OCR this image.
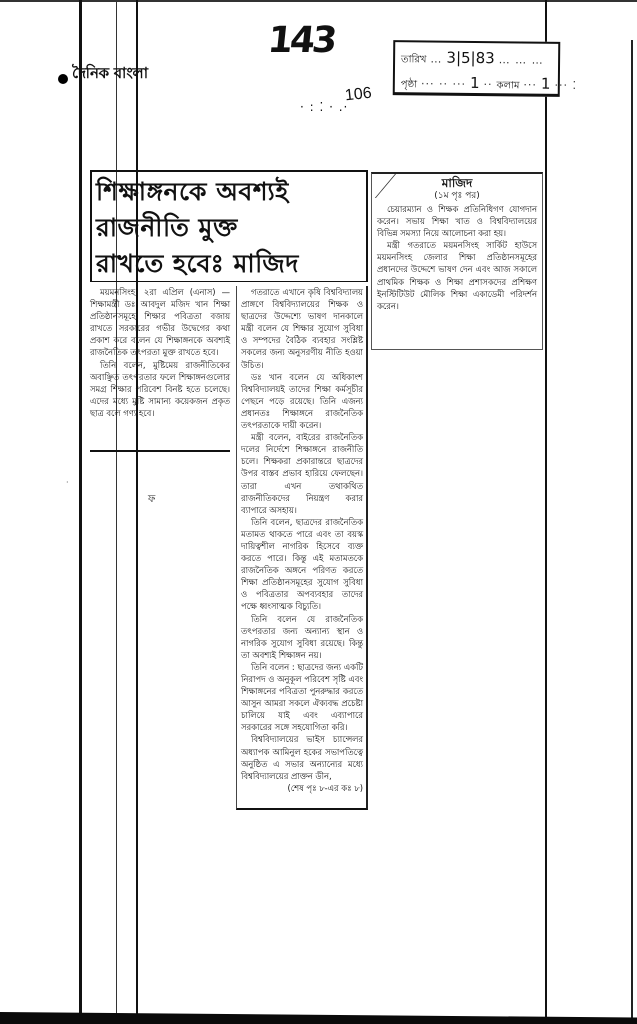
দৈনিক বাংলা
143
· : ⁚ · .·
106
তারিখ … 3|5|83 … … …
পৃষ্ঠা ··· ·· ··· 1 ·· কলাম ··· 1 ··· ⁚
শিক্ষাঙ্গনকে অবশ্যই
রাজনীতি মুক্ত
রাখতে হবেঃ মাজিদ

ময়মনসিংহ, ২রা এপ্রিল (এনাস) —শিক্ষামন্ত্রী ডঃ আবদুল মজিদ খান শিক্ষা প্রতিষ্ঠানসমূহে শিক্ষার পবিত্রতা বজায় রাখতে সরকারের গভীর উদ্বেগের কথা প্রকাশ করে বলেন যে শিক্ষাঙ্গনকে অবশ্যই রাজনৈতিক তৎপরতা মুক্ত রাখতে হবে।

তিনি বলেন, মুষ্টিমেয় রাজনীতিকের অবাঞ্ছিত তৎপরতার ফলে শিক্ষাঙ্গনগুলোর সমগ্র শিক্ষার পরিবেশ বিনষ্ট হতে চলেছে। এদের মধ্যে মুষ্টি সামান্য কয়েকজন প্রকৃত ছাত্র বলে গণ্য হবে।

গতরাতে এখানে কৃষি বিশ্ববিদ্যালয় প্রাঙ্গণে বিশ্ববিদ্যালয়ের শিক্ষক ও ছাত্রদের উদ্দেশ্যে ভাষণ দানকালে মন্ত্রী বলেন যে শিক্ষার সুযোগ সুবিধা ও সম্পদের বৈঠিক ব্যবহার সংশ্লিষ্ট সকলের জন্য অনুসরণীয় নীতি হওয়া উচিত।

ডঃ খান বলেন যে অধিকাংশ বিশ্ববিদ্যালয়ই তাদের শিক্ষা কর্মসূচীর পেছনে পড়ে রয়েছে। তিনি এজন্য প্রধানতঃ শিক্ষাঙ্গনে রাজনৈতিক তৎপরতাকে দায়ী করেন।

মন্ত্রী বলেন, বাইরের রাজনৈতিক দলের নির্দেশে শিক্ষাঙ্গনে রাজনীতি চলে। শিক্ষকরা প্রকারান্তরে ছাত্রদের উপর বাস্তব প্রভাব হারিয়ে ফেলছেন। তারা এখন তথাকথিত রাজনীতিকদের নিয়ন্ত্রণ করার ব্যাপারে অসহায়।

তিনি বলেন, ছাত্রদের রাজনৈতিক মতামত থাকতে পারে এবং তা বয়স্ক দায়িত্বশীল নাগরিক হিসেবে ব্যক্ত করতে পারে। কিন্তু এই মতামতকে রাজনৈতিক অঙ্গনে পরিণত করতে শিক্ষা প্রতিষ্ঠানসমূহের সুযোগ সুবিধা ও পবিত্রতার অপব্যবহার তাদের পক্ষে ধ্বংসাত্মক বিচ্যুতি।

তিনি বলেন যে রাজনৈতিক তৎপরতার জন্য অন্যান্য স্থান ও নাগরিক সুযোগ সুবিধা রয়েছে। কিন্তু তা অবশ্যই শিক্ষাঙ্গন নয়।

তিনি বলেন : ছাত্রদের জন্য একটি নিরাপদ ও অনুকূল পরিবেশ সৃষ্টি এবং শিক্ষাঙ্গনের পবিত্রতা পুনরুদ্ধার করতে আসুন আমরা সকলে ঐক্যবদ্ধ প্রচেষ্টা চালিয়ে যাই এবং এব্যাপারে সরকারের সঙ্গে সহযোগিতা করি।

বিশ্ববিদ্যালয়ের ভাইস চ্যান্সেলর অধ্যাপক আমিনুল হকের সভাপতিত্বে অনুষ্ঠিত এ সভার অন্যান্যের মধ্যে বিশ্ববিদ্যালয়ের প্রাক্তন ডীন,

(শেষ পৃঃ ৮-এর কঃ ৮)

মাজিদ
(১ম পৃঃ পর)

চেয়ারম্যান ও শিক্ষক প্রতিনিধিগণ যোগদান করেন। সভায় শিক্ষা খাত ও বিশ্ববিদ্যালয়ের বিভিন্ন সমস্যা নিয়ে আলোচনা করা হয়।

মন্ত্রী গতরাতে ময়মনসিংহ সার্কিট হাউসে ময়মনসিংহ জেলার শিক্ষা প্রতিষ্ঠানসমূহের প্রধানদের উদ্দেশে ভাষণ দেন এবং আজ সকালে প্রাথমিক শিক্ষক ও শিক্ষা প্রশাসকদের প্রশিক্ষণ ইনস্টিটিউট মৌলিক শিক্ষা একাডেমী পরিদর্শন করেন।

·
ফ
